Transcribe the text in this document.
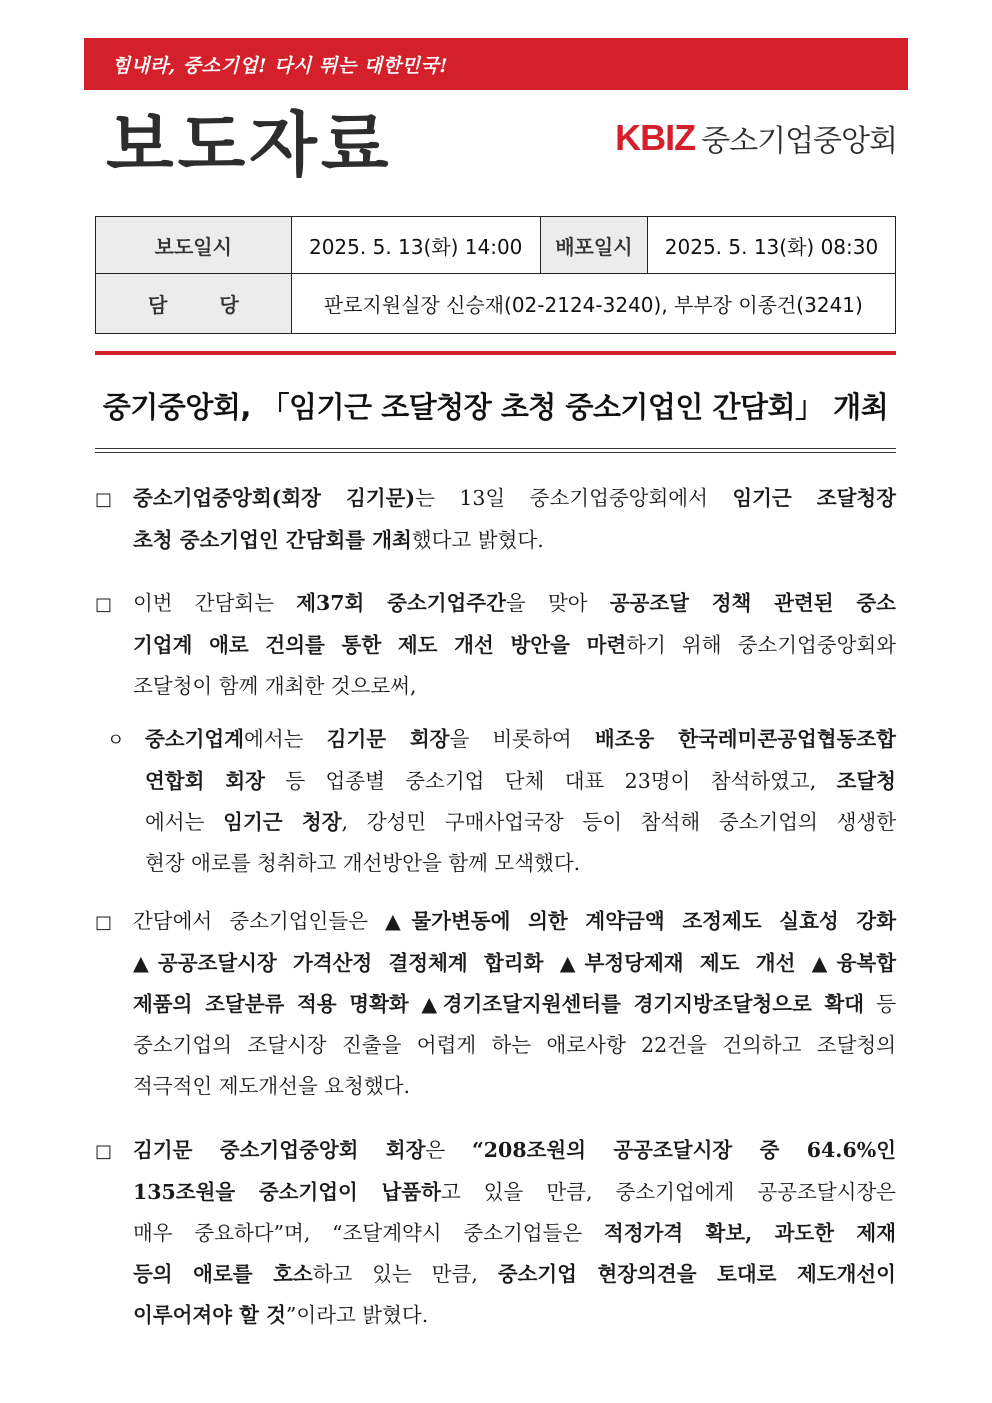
힘내라, 중소기업! 다시 뛰는 대한민국!
보도자료	KBIZ 중소기업중앙회
보도일시	2025. 5. 13(화) 14:00	배포일시	2025. 5. 13(화) 08:30
담당	판로지원실장 신승재(02-2124-3240), 부부장 이종건(3241)		
중기중앙회, 「임기근 조달청장 초청 중소기업인 간담회」 개최
□ 중소기업중앙회(회장 김기문)는 13일 중소기업중앙회에서 임기근 조달청장
초청 중소기업인 간담회를 개최했다고 밝혔다.
□ 이번 간담회는 제37회 중소기업주간을 맞아 공공조달 정책 관련된 중소
기업계 애로 건의를 통한 제도 개선 방안을 마련하기 위해 중소기업중앙회와
조달청이 함께 개최한 것으로써,
ㅇ 중소기업계에서는 김기문 회장을 비롯하여 배조웅 한국레미콘공업협동조합
연합회 회장 등 업종별 중소기업 단체 대표 23명이 참석하였고, 조달청
에서는 임기근 청장, 강성민 구매사업국장 등이 참석해 중소기업의 생생한
현장 애로를 청취하고 개선방안을 함께 모색했다.
□ 간담에서 중소기업인들은 ▲물가변동에 의한 계약금액 조정제도 실효성 강화
▲공공조달시장 가격산정 결정체계 합리화 ▲부정당제재 제도 개선 ▲융복합
제품의 조달분류 적용 명확화 ▲경기조달지원센터를 경기지방조달청으로 확대 등
중소기업의 조달시장 진출을 어렵게 하는 애로사항 22건을 건의하고 조달청의
적극적인 제도개선을 요청했다.
□ 김기문 중소기업중앙회 회장은 “208조원의 공공조달시장 중 64.6%인
135조원을 중소기업이 납품하고 있을 만큼, 중소기업에게 공공조달시장은
매우 중요하다”며, “조달계약시 중소기업들은 적정가격 확보, 과도한 제재
등의 애로를 호소하고 있는 만큼, 중소기업 현장의견을 토대로 제도개선이
이루어져야 할 것”이라고 밝혔다.
